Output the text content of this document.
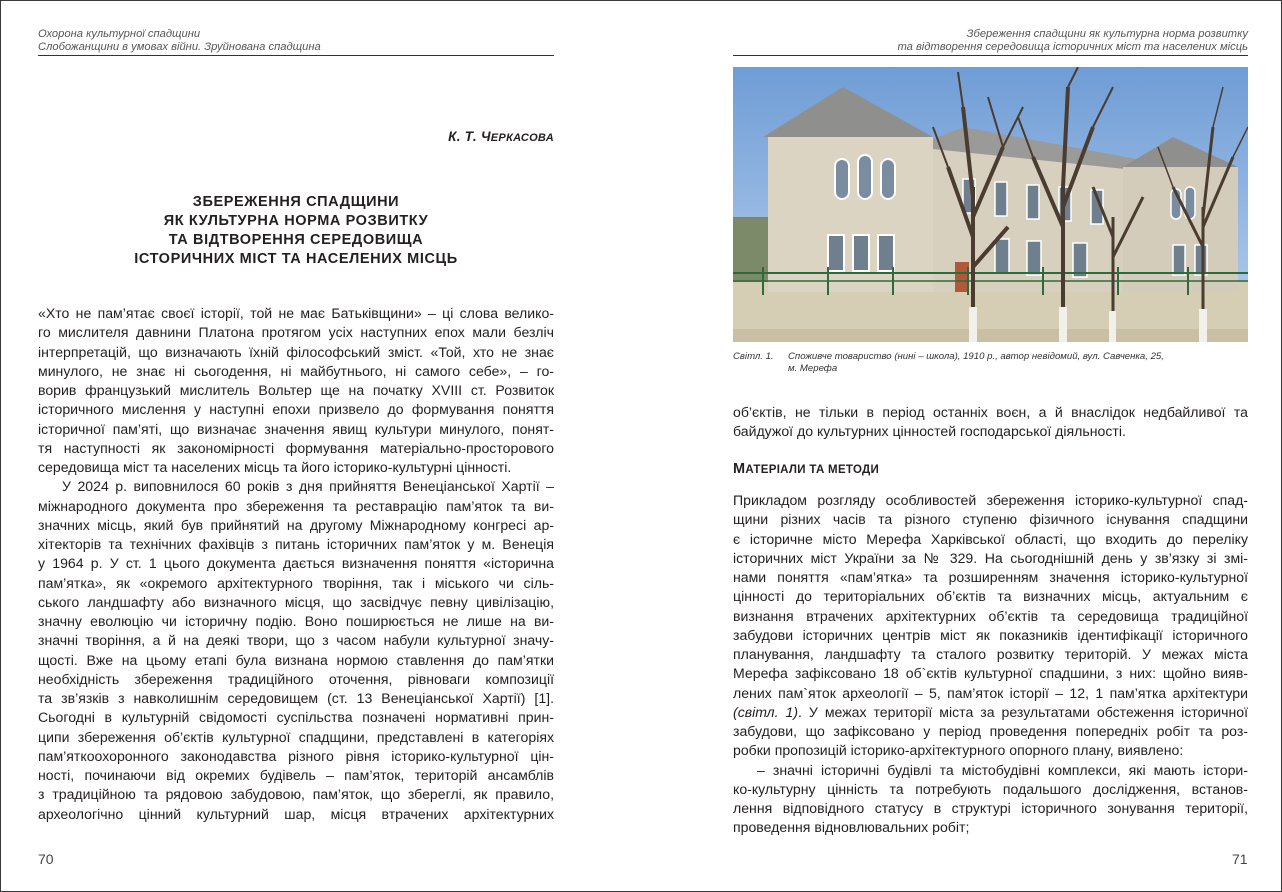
Охорона культурної спадщини
Слобожанщини в умовах війни. Зруйнована спадщина
К. Т. ЧЕРКАСОВА
ЗБЕРЕЖЕННЯ СПАДЩИНИ
ЯК КУЛЬТУРНА НОРМА РОЗВИТКУ
ТА ВІДТВОРЕННЯ СЕРЕДОВИЩА
ІСТОРИЧНИХ МІСТ ТА НАСЕЛЕНИХ МІСЦЬ
«Хто не пам’ятає своєї історії, той не має Батьківщини» – ці слова велико-
го мислителя давнини Платона протягом усіх наступних епох мали безліч
інтерпретацій, що визначають їхній філософський зміст. «Той, хто не знає
минулого, не знає ні сьогодення, ні майбутнього, ні самого себе», – го-
ворив французький мислитель Вольтер ще на початку XVIII ст. Розвиток
історичного мислення у наступні епохи призвело до формування поняття
історичної пам’яті, що визначає значення явищ культури минулого, понят-
тя наступності як закономірності формування матеріально-просторового
середовища міст та населених місць та його історико-культурні цінності.
У 2024 р. виповнилося 60 років з дня прийняття Венеціанської Хартії –
міжнародного документа про збереження та реставрацію пам’яток та ви-
значних місць, який був прийнятий на другому Міжнародному конгресі ар-
хітекторів та технічних фахівців з питань історичних пам’яток у м. Венеція
у 1964 р. У ст. 1 цього документа дається визначення поняття «історична
пам’ятка», як «окремого архітектурного творіння, так і міського чи сіль-
ського ландшафту або визначного місця, що засвідчує певну цивілізацію,
значну еволюцію чи історичну подію. Воно поширюється не лише на ви-
значні творіння, а й на деякі твори, що з часом набули культурної значу-
щості. Вже на цьому етапі була визнана нормою ставлення до пам’ятки
необхідність збереження традиційного оточення, рівноваги композиції
та зв’язків з навколишнім середовищем (ст. 13 Венеціанської Хартії) [1].
Сьогодні в культурній свідомості суспільства позначені нормативні прин-
ципи збереження об’єктів культурної спадщини, представлені в категоріях
пам’яткоохоронного законодавства різного рівня історико-культурної цін-
ності, починаючи від окремих будівель – пам’яток, територій ансамблів
з традиційною та рядовою забудовою, пам’яток, що збереглі, як правило,
археологічно цінний культурний шар, місця втрачених архітектурних
70
Збереження спадщини як культурна норма розвитку
та відтворення середовища історичних міст та населених місць
Світл. 1. Споживче товариство (нині – школа), 1910 р., автор невідомий, вул. Савченка, 25,
м. Мерефа
об’єктів, не тільки в період останніх воєн, а й внаслідок недбайливої та
байдужої до культурних цінностей господарської діяльності.
МАТЕРІАЛИ ТА МЕТОДИ
Прикладом розгляду особливостей збереження історико-культурної спад-
щини різних часів та різного ступеню фізичного існування спадщини
є історичне місто Мерефа Харківської області, що входить до переліку
історичних міст України за № 329. На сьогоднішній день у зв’язку зі змі-
нами поняття «пам’ятка» та розширенням значення історико-культурної
цінності до територіальних об’єктів та визначних місць, актуальним є
визнання втрачених архітектурних об’єктів та середовища традиційної
забудови історичних центрів міст як показників ідентифікації історичного
планування, ландшафту та сталого розвитку територій. У межах міста
Мерефа зафіксовано 18 об`єктів культурної спадшини, з них: щойно вияв-
лених пам`яток археології – 5, пам’яток історії – 12, 1 пам’ятка архітектури
(світл. 1). У межах території міста за результатами обстеження історичної
забудови, що зафіксовано у період проведення попередніх робіт та роз-
робки пропозицій історико-архітектурного опорного плану, виявлено:
– значні історичні будівлі та містобудівні комплекси, які мають істори-
ко-культурну цінність та потребують подальшого дослідження, встанов-
лення відповідного статусу в структурі історичного зонування території,
проведення відновлювальних робіт;
71
